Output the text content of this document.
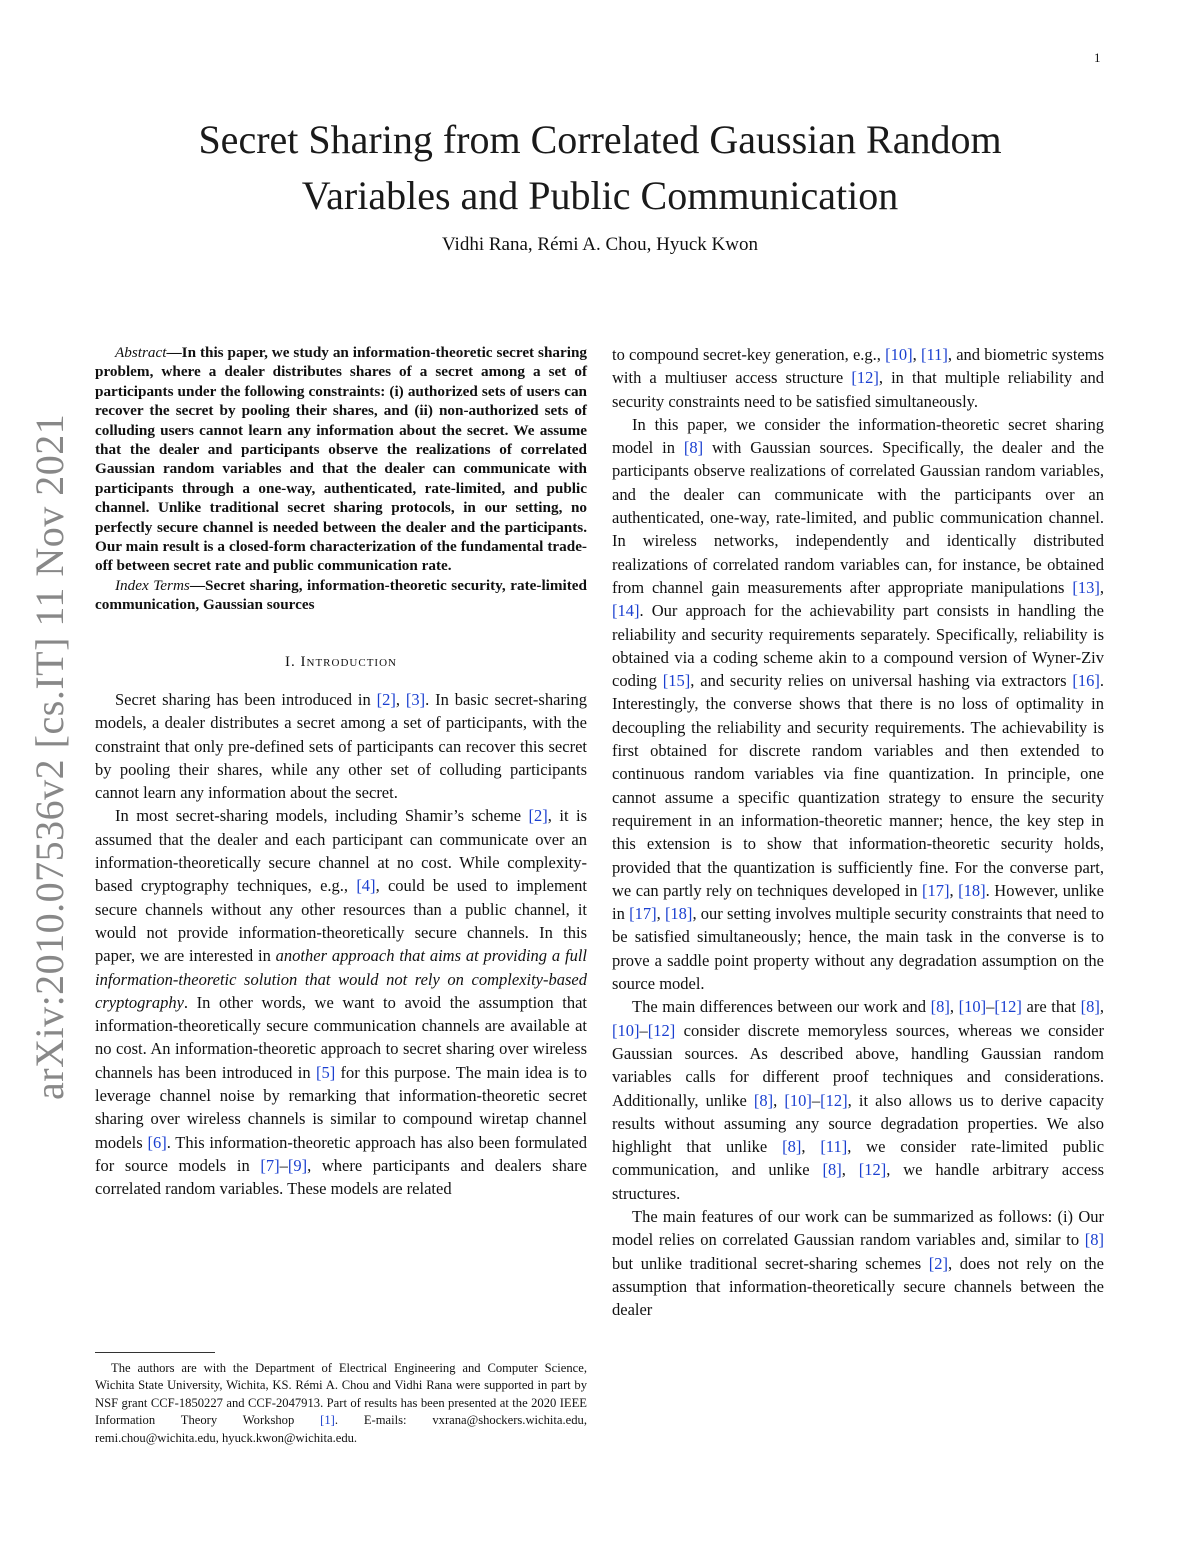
1
arXiv:2010.07536v2 [cs.IT] 11 Nov 2021
Secret Sharing from Correlated Gaussian Random
Variables and Public Communication
Vidhi Rana, Rémi A. Chou, Hyuck Kwon

Abstract—In this paper, we study an information-theoretic secret sharing problem, where a dealer distributes shares of a secret among a set of participants under the following constraints: (i) authorized sets of users can recover the secret by pooling their shares, and (ii) non-authorized sets of colluding users cannot learn any information about the secret. We assume that the dealer and participants observe the realizations of correlated Gaussian random variables and that the dealer can communicate with participants through a one-way, authenticated, rate-limited, and public channel. Unlike traditional secret sharing protocols, in our setting, no perfectly secure channel is needed between the dealer and the participants. Our main result is a closed-form characterization of the fundamental trade-off between secret rate and public communication rate.

Index Terms—Secret sharing, information-theoretic security, rate-limited communication, Gaussian sources

I. Introduction

Secret sharing has been introduced in [2], [3]. In basic secret-sharing models, a dealer distributes a secret among a set of participants, with the constraint that only pre-defined sets of participants can recover this secret by pooling their shares, while any other set of colluding participants cannot learn any information about the secret.

In most secret-sharing models, including Shamir’s scheme [2], it is assumed that the dealer and each participant can communicate over an information-theoretically secure channel at no cost. While complexity-based cryptography techniques, e.g., [4], could be used to implement secure channels without any other resources than a public channel, it would not provide information-theoretically secure channels. In this paper, we are interested in another approach that aims at providing a full information-theoretic solution that would not rely on complexity-based cryptography. In other words, we want to avoid the assumption that information-theoretically secure communication channels are available at no cost. An information-theoretic approach to secret sharing over wireless channels has been introduced in [5] for this purpose. The main idea is to leverage channel noise by remarking that information-theoretic secret sharing over wireless channels is similar to compound wiretap channel models [6]. This information-theoretic approach has also been formulated for source models in [7]–[9], where participants and dealers share correlated random variables. These models are related

The authors are with the Department of Electrical Engineering and Computer Science, Wichita State University, Wichita, KS. Rémi A. Chou and Vidhi Rana were supported in part by NSF grant CCF-1850227 and CCF-2047913. Part of results has been presented at the 2020 IEEE Information Theory Workshop [1]. E-mails: vxrana@shockers.wichita.edu, remi.chou@wichita.edu, hyuck.kwon@wichita.edu.

to compound secret-key generation, e.g., [10], [11], and biometric systems with a multiuser access structure [12], in that multiple reliability and security constraints need to be satisfied simultaneously.

In this paper, we consider the information-theoretic secret sharing model in [8] with Gaussian sources. Specifically, the dealer and the participants observe realizations of correlated Gaussian random variables, and the dealer can communicate with the participants over an authenticated, one-way, rate-limited, and public communication channel. In wireless networks, independently and identically distributed realizations of correlated random variables can, for instance, be obtained from channel gain measurements after appropriate manipulations [13], [14]. Our approach for the achievability part consists in handling the reliability and security requirements separately. Specifically, reliability is obtained via a coding scheme akin to a compound version of Wyner-Ziv coding [15], and security relies on universal hashing via extractors [16]. Interestingly, the converse shows that there is no loss of optimality in decoupling the reliability and security requirements. The achievability is first obtained for discrete random variables and then extended to continuous random variables via fine quantization. In principle, one cannot assume a specific quantization strategy to ensure the security requirement in an information-theoretic manner; hence, the key step in this extension is to show that information-theoretic security holds, provided that the quantization is sufficiently fine. For the converse part, we can partly rely on techniques developed in [17], [18]. However, unlike in [17], [18], our setting involves multiple security constraints that need to be satisfied simultaneously; hence, the main task in the converse is to prove a saddle point property without any degradation assumption on the source model.

The main differences between our work and [8], [10]–[12] are that [8], [10]–[12] consider discrete memoryless sources, whereas we consider Gaussian sources. As described above, handling Gaussian random variables calls for different proof techniques and considerations. Additionally, unlike [8], [10]–[12], it also allows us to derive capacity results without assuming any source degradation properties. We also highlight that unlike [8], [11], we consider rate-limited public communication, and unlike [8], [12], we handle arbitrary access structures.

The main features of our work can be summarized as follows: (i) Our model relies on correlated Gaussian random variables and, similar to [8] but unlike traditional secret-sharing schemes [2], does not rely on the assumption that information-theoretically secure channels between the dealer
